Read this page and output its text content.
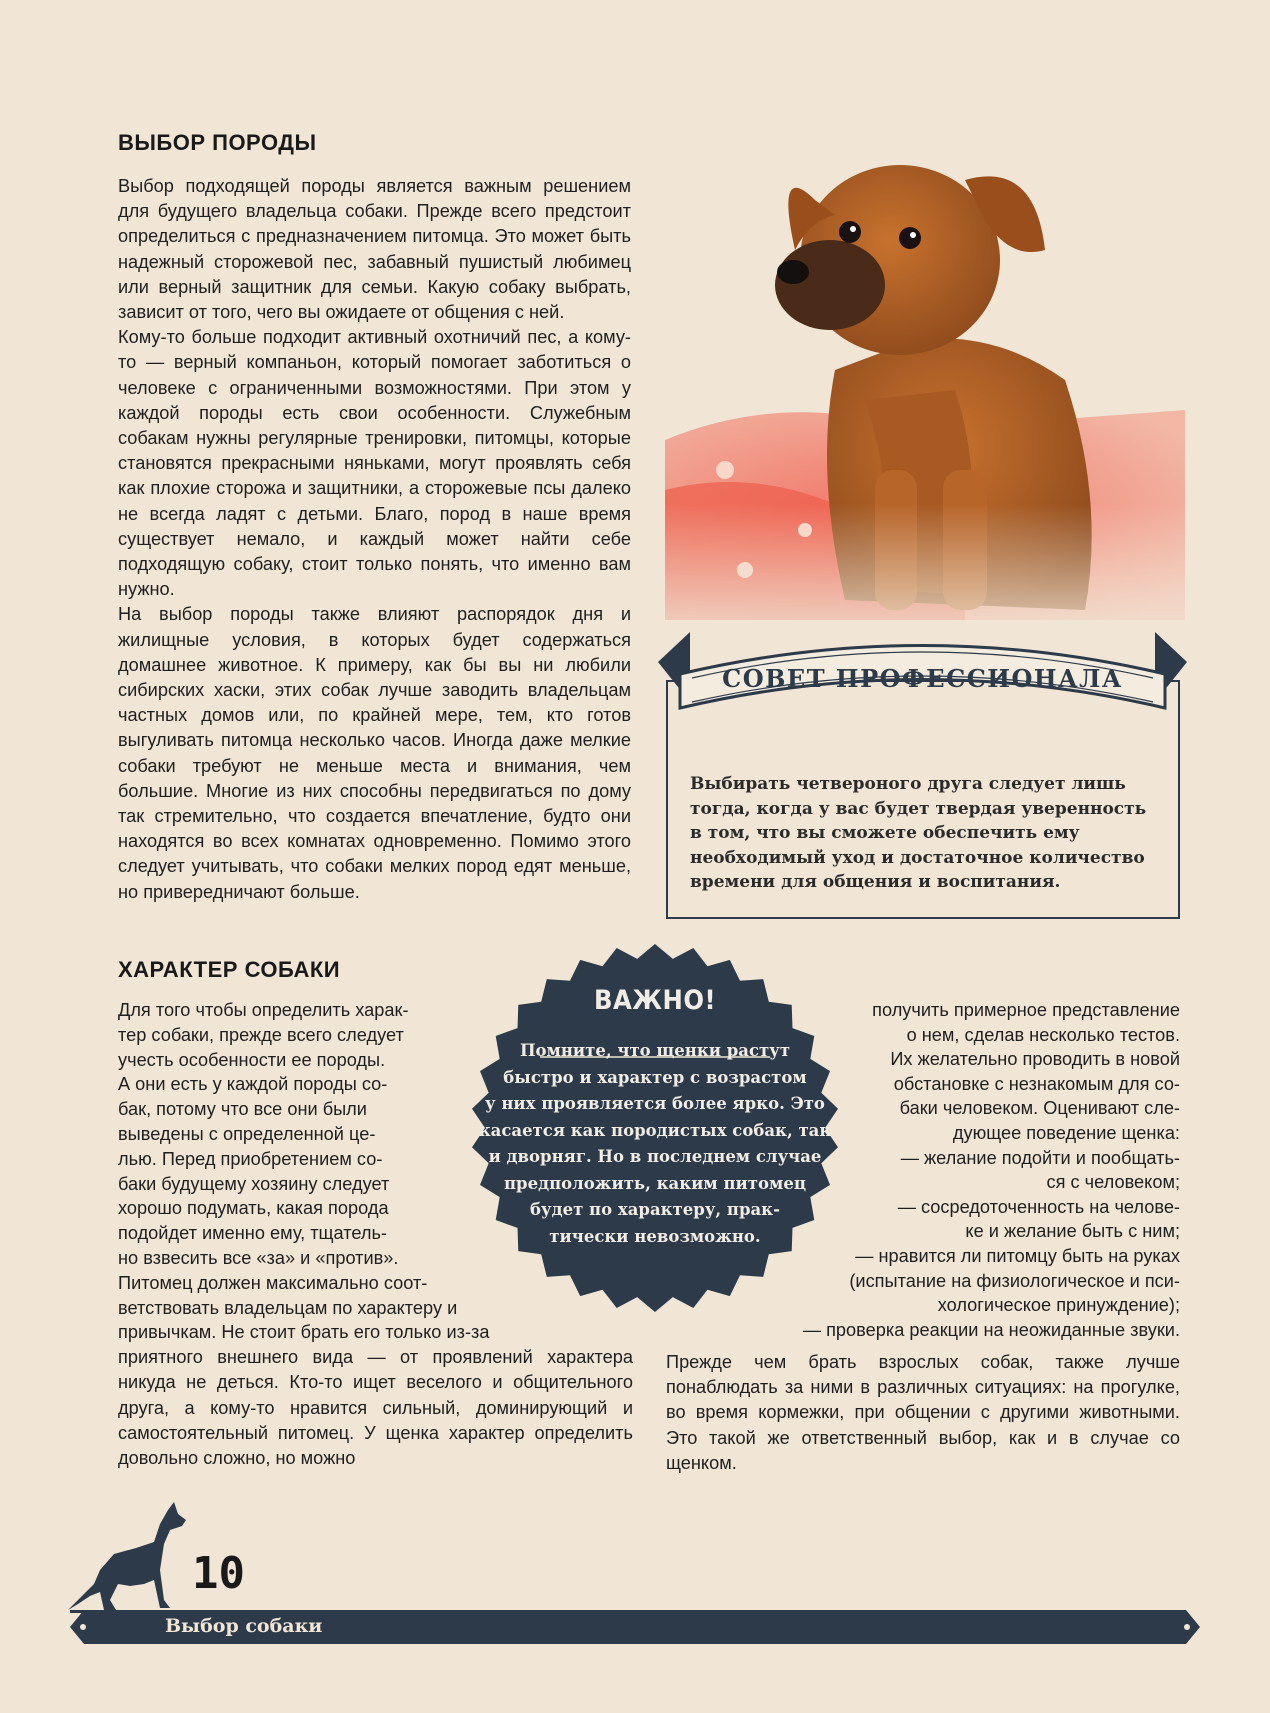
ВЫБОР ПОРОДЫ

Выбор подходящей породы является важным решением для будущего владельца собаки. Прежде всего предстоит определиться с предназначением питомца. Это может быть надежный сторожевой пес, забавный пушистый любимец или верный защитник для семьи. Какую собаку выбрать, зависит от того, чего вы ожидаете от общения с ней.

Кому-то больше подходит активный охотничий пес, а кому-то — верный компаньон, который помогает заботиться о человеке с ограниченными возможностями. При этом у каждой породы есть свои особенности. Служебным собакам нужны регулярные тренировки, питомцы, которые становятся прекрасными няньками, могут проявлять себя как плохие сторожа и защитники, а сторожевые псы далеко не всегда ладят с детьми. Благо, пород в наше время существует немало, и каждый может найти себе подходящую собаку, стоит только понять, что именно вам нужно.

На выбор породы также влияют распорядок дня и жилищные условия, в которых будет содержаться домашнее животное. К примеру, как бы вы ни любили сибирских хаски, этих собак лучше заводить владельцам частных домов или, по крайней мере, тем, кто готов выгуливать питомца несколько часов. Иногда даже мелкие собаки требуют не меньше места и внимания, чем большие. Многие из них способны передвигаться по дому так стремительно, что создается впечатление, будто они находятся во всех комнатах одновременно. Помимо этого следует учитывать, что собаки мелких пород едят меньше, но привередничают больше.

СОВЕТ ПРОФЕССИОНАЛА
Выбирать четвероного друга следует лишь тогда, когда у вас будет твердая уверенность в том, что вы сможете обеспечить ему необходимый уход и достаточное количество времени для общения и воспитания.
ХАРАКТЕР СОБАКИ
Для того чтобы определить харак-
тер собаки, прежде всего следует
учесть особенности ее породы.
А они есть у каждой породы со-
бак, потому что все они были
выведены с определенной це-
лью. Перед приобретением со-
баки будущему хозяину следует
хорошо подумать, какая порода
подойдет именно ему, тщатель-
но взвесить все «за» и «против».
Питомец должен максимально соот-
ветствовать владельцам по характеру и
привычкам. Не стоит брать его только из-за

приятного внешнего вида — от проявлений характера никуда не деться. Кто-то ищет веселого и общительного друга, а кому-то нравится сильный, доминирующий и самостоятельный питомец. У щенка характер определить довольно сложно, но можно

получить примерное представление
о нем, сделав несколько тестов.
Их желательно проводить в новой
обстановке с незнакомым для со-
баки человеком. Оценивают сле-
дующее поведение щенка:
— желание подойти и пообщать-
ся с человеком;
— сосредоточенность на челове-
ке и желание быть с ним;
— нравится ли питомцу быть на руках
(испытание на физиологическое и пси-
хологическое принуждение);
— проверка реакции на неожиданные звуки.

Прежде чем брать взрослых собак, также лучше понаблюдать за ними в различных ситуациях: на прогулке, во время кормежки, при общении с другими животными. Это такой же ответственный выбор, как и в случае со щенком.

ВАЖНО!
Помните, что щенки растут
быстро и характер с возрастом
у них проявляется более ярко. Это
касается как породистых собак, так
и дворняг. Но в последнем случае
предположить, каким питомец
будет по характеру, прак-
тически невозможно.
10
Выбор собаки
